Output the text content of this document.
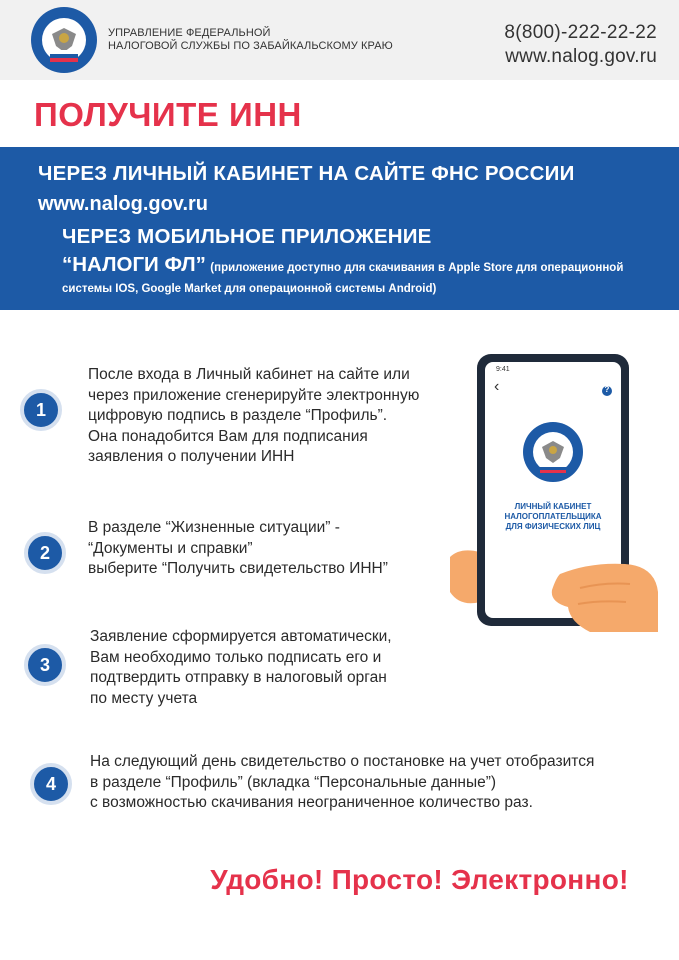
УПРАВЛЕНИЕ ФЕДЕРАЛЬНОЙ
НАЛОГОВОЙ СЛУЖБЫ ПО ЗАБАЙКАЛЬСКОМУ КРАЮ
8(800)-222-22-22
www.nalog.gov.ru
ПОЛУЧИТЕ ИНН
ЧЕРЕЗ ЛИЧНЫЙ КАБИНЕТ НА САЙТЕ ФНС РОССИИ
www.nalog.gov.ru
ЧЕРЕЗ МОБИЛЬНОЕ ПРИЛОЖЕНИЕ
“НАЛОГИ ФЛ” (приложение доступно для скачивания в Apple Store для операционной системы IOS, Google Market для операционной системы Android)
1
После входа в Личный кабинет на сайте или
через приложение сгенерируйте электронную
цифровую подпись в разделе “Профиль”.
Она понадобится Вам для подписания
заявления о получении ИНН
2
В разделе “Жизненные ситуации” -
“Документы и справки”
выберите “Получить свидетельство ИНН”
3
Заявление сформируется автоматически,
Вам необходимо только подписать его и
подтвердить отправку в налоговый орган
по месту учета
4
На следующий день свидетельство о постановке на учет отобразится
в разделе “Профиль” (вкладка “Персональные данные”)
с возможностью скачивания неограниченное количество раз.
9:41
‹	?
ЛИЧНЫЙ КАБИНЕТ
НАЛОГОПЛАТЕЛЬЩИКА
ДЛЯ ФИЗИЧЕСКИХ ЛИЦ
Удобно! Просто! Электронно!
